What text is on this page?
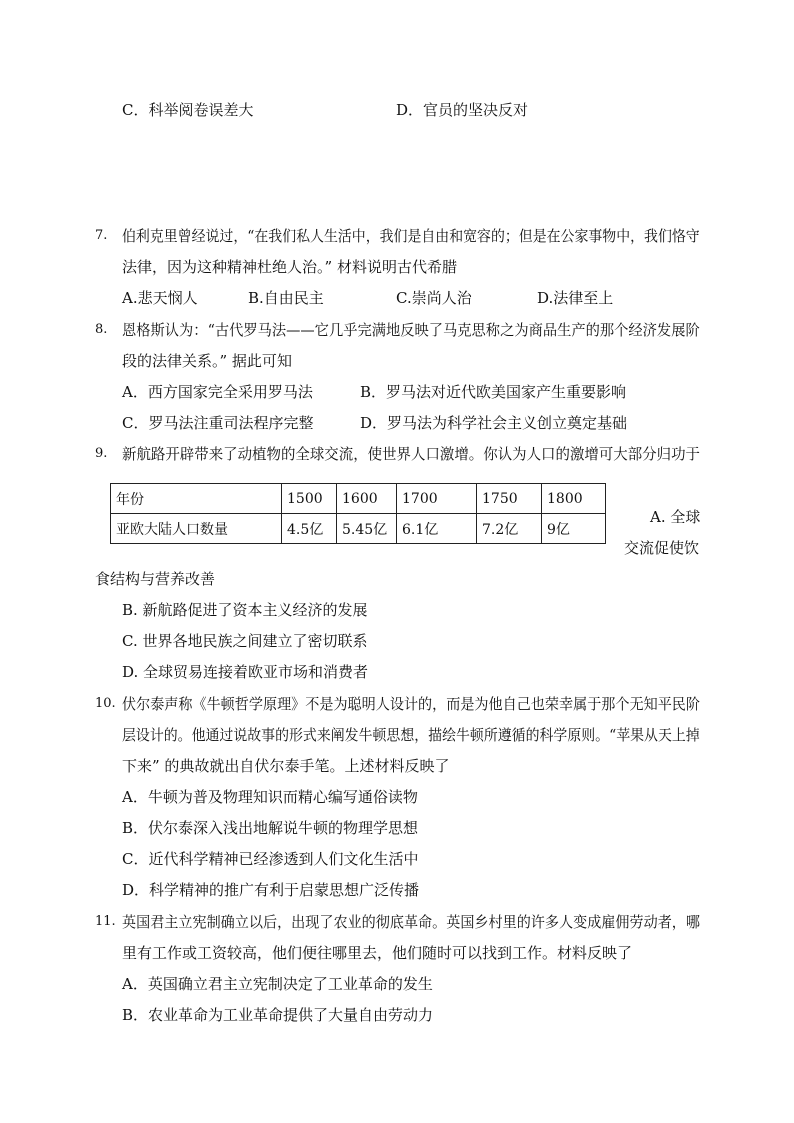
C．科举阅卷误差大	D．官员的坚决反对
7. 伯利克里曾经说过，“在我们私人生活中，我们是自由和宽容的；但是在公家事物中，我们恪守
法律，因为这种精神杜绝人治。” 材料说明古代希腊
A.悲天悯人	B.自由民主	C.崇尚人治	D.法律至上
8. 恩格斯认为：“古代罗马法——它几乎完满地反映了马克思称之为商品生产的那个经济发展阶
段的法律关系。” 据此可知
A．西方国家完全采用罗马法	B．罗马法对近代欧美国家产生重要影响
C．罗马法注重司法程序完整	D．罗马法为科学社会主义创立奠定基础
9. 新航路开辟带来了动植物的全球交流，使世界人口激增。你认为人口的激增可大部分归功于
年份	1500	1600	1700	1750	1800
亚欧大陆人口数量	4.5亿	5.45亿	6.1亿	7.2亿	9亿
A. 全球
交流促使饮
食结构与营养改善
B. 新航路促进了资本主义经济的发展
C. 世界各地民族之间建立了密切联系
D. 全球贸易连接着欧亚市场和消费者
10. 伏尔泰声称《牛顿哲学原理》不是为聪明人设计的，而是为他自己也荣幸属于那个无知平民阶
层设计的。他通过说故事的形式来阐发牛顿思想，描绘牛顿所遵循的科学原则。“苹果从天上掉
下来” 的典故就出自伏尔泰手笔。上述材料反映了
A．牛顿为普及物理知识而精心编写通俗读物
B．伏尔泰深入浅出地解说牛顿的物理学思想
C．近代科学精神已经渗透到人们文化生活中
D．科学精神的推广有利于启蒙思想广泛传播
11. 英国君主立宪制确立以后，出现了农业的彻底革命。英国乡村里的许多人变成雇佣劳动者，哪
里有工作或工资较高，他们便往哪里去，他们随时可以找到工作。材料反映了
A．英国确立君主立宪制决定了工业革命的发生
B．农业革命为工业革命提供了大量自由劳动力
